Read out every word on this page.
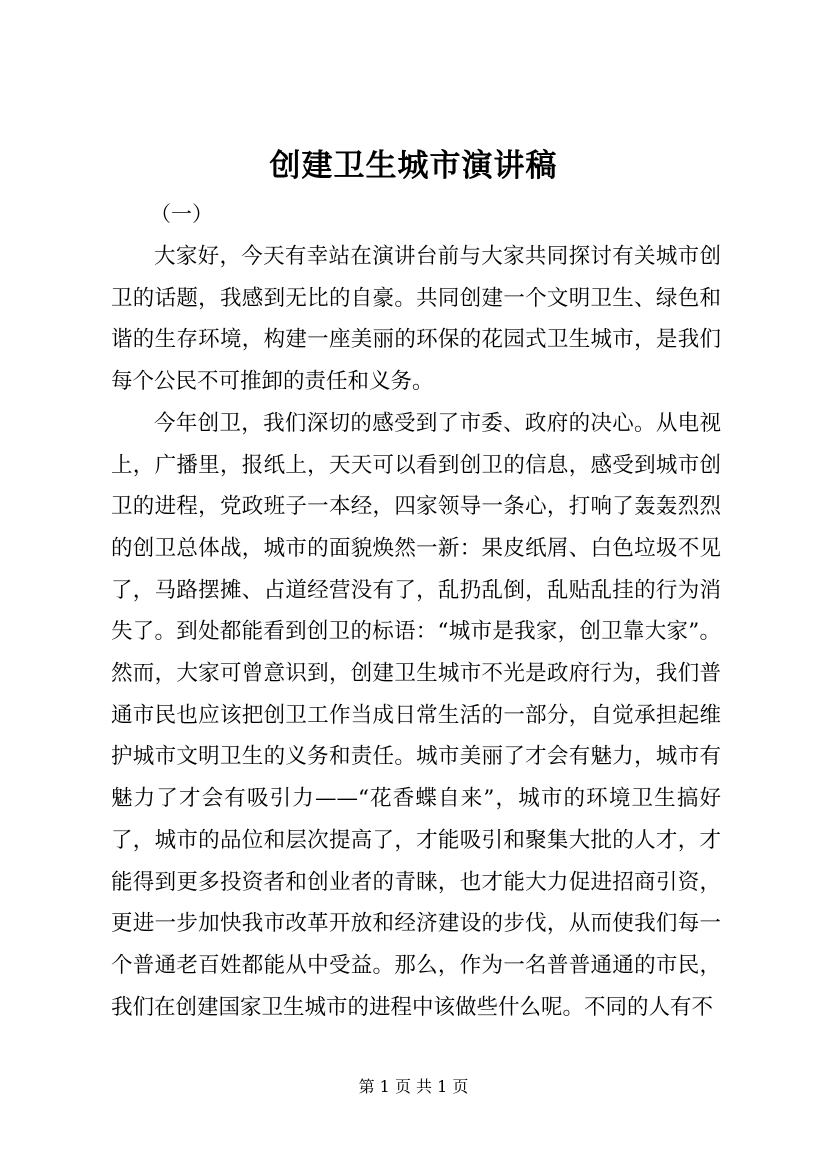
创建卫生城市演讲稿
（一）

大家好，今天有幸站在演讲台前与大家共同探讨有关城市创卫的话题，我感到无比的自豪。共同创建一个文明卫生、绿色和谐的生存环境，构建一座美丽的环保的花园式卫生城市，是我们每个公民不可推卸的责任和义务。

今年创卫，我们深切的感受到了市委、政府的决心。从电视上，广播里，报纸上，天天可以看到创卫的信息，感受到城市创卫的进程，党政班子一本经，四家领导一条心，打响了轰轰烈烈的创卫总体战，城市的面貌焕然一新：果皮纸屑、白色垃圾不见了，马路摆摊、占道经营没有了，乱扔乱倒，乱贴乱挂的行为消失了。到处都能看到创卫的标语：“城市是我家，创卫靠大家”。然而，大家可曾意识到，创建卫生城市不光是政府行为，我们普通市民也应该把创卫工作当成日常生活的一部分，自觉承担起维护城市文明卫生的义务和责任。城市美丽了才会有魅力，城市有魅力了才会有吸引力——“花香蝶自来”，城市的环境卫生搞好了，城市的品位和层次提高了，才能吸引和聚集大批的人才，才能得到更多投资者和创业者的青睐，也才能大力促进招商引资，更进一步加快我市改革开放和经济建设的步伐，从而使我们每一个普通老百姓都能从中受益。那么，作为一名普普通通的市民，我们在创建国家卫生城市的进程中该做些什么呢。不同的人有不

第 1 页 共 1 页
